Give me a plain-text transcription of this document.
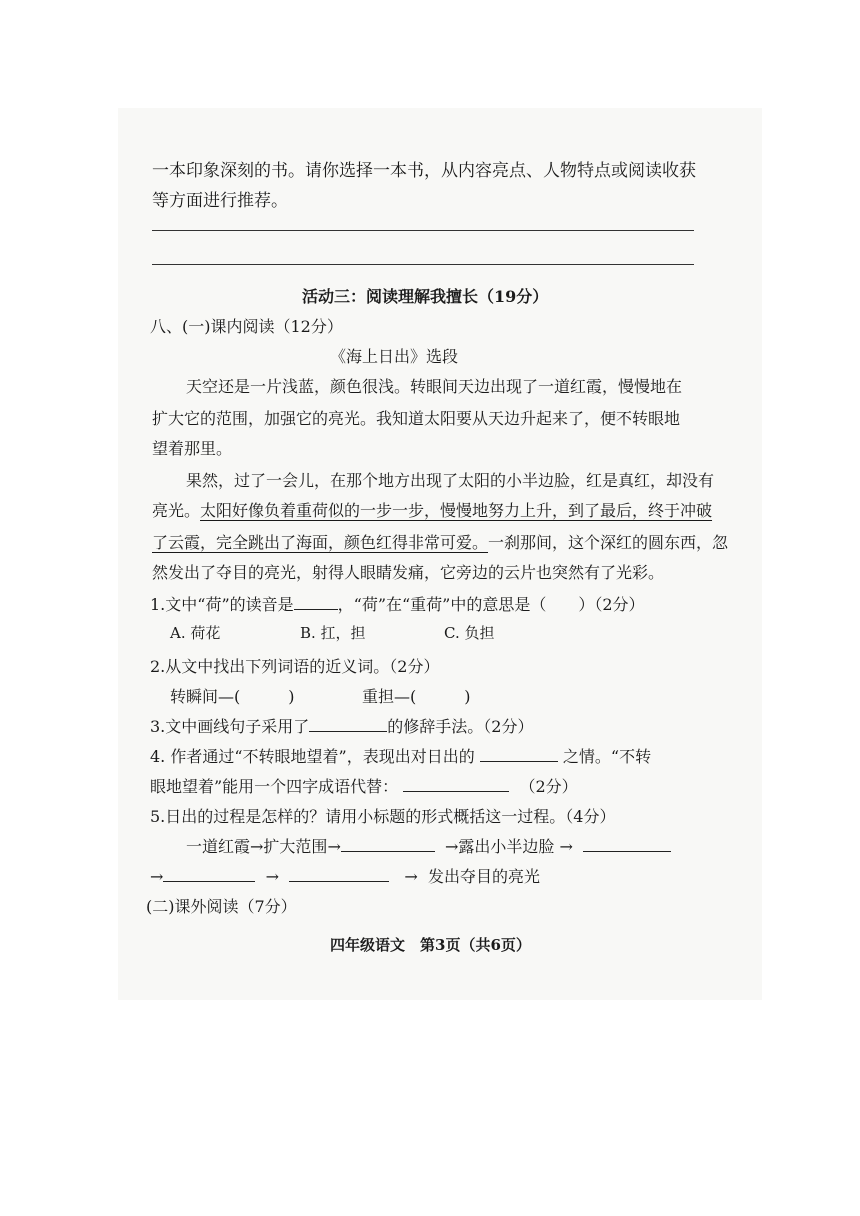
一本印象深刻的书。请你选择一本书，从内容亮点、人物特点或阅读收获
等方面进行推荐。
活动三：阅读理解我擅长（19分）
八、(一)课内阅读（12分）
《海上日出》选段
天空还是一片浅蓝，颜色很浅。转眼间天边出现了一道红霞，慢慢地在
扩大它的范围，加强它的亮光。我知道太阳要从天边升起来了，便不转眼地
望着那里。
果然，过了一会儿，在那个地方出现了太阳的小半边脸，红是真红，却没有
亮光。太阳好像负着重荷似的一步一步，慢慢地努力上升，到了最后，终于冲破
了云霞，完全跳出了海面，颜色红得非常可爱。一刹那间，这个深红的圆东西，忽
然发出了夺目的亮光，射得人眼睛发痛，它旁边的云片也突然有了光彩。
1.文中“荷”的读音是	，“荷”在“重荷”中的意思是（　　）（2分）
A. 荷花	B. 扛，担	C. 负担
2.从文中找出下列词语的近义词。（2分）
转瞬间—(　　　)	重担—(　　　)
3.文中画线句子采用了	的修辞手法。（2分）
4. 作者通过“不转眼地望着”，表现出对日出的	之情。“不转
眼地望着”能用一个四字成语代替：	（2分）
5.日出的过程是怎样的？请用小标题的形式概括这一过程。（4分）
一道红霞→扩大范围→	→露出小半边脸 →
→	→	→ 发出夺目的亮光
(二)课外阅读（7分）
四年级语文　第3页（共6页）
